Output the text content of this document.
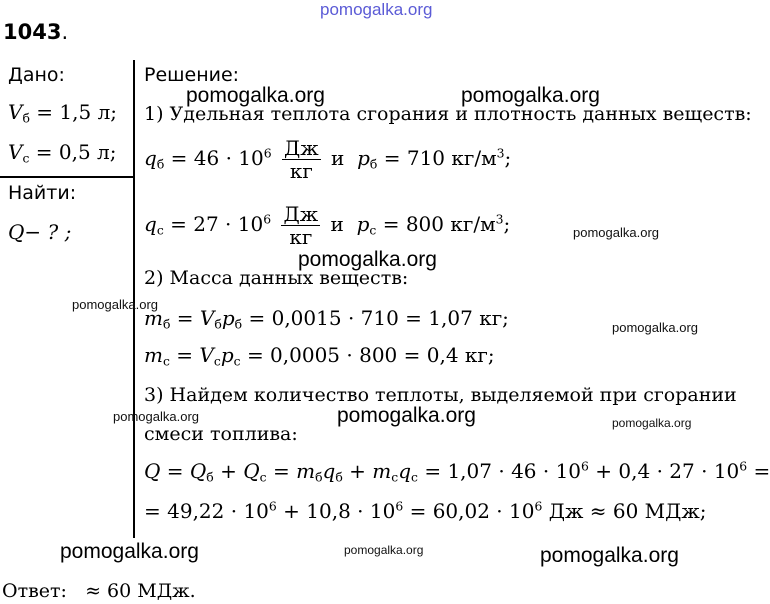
pomogalka.org
1043.
Дано:
$V_б = 1,5$ л;
$V_с = 0,5$ л;
Найти:
Q− ? ;
Решение:
1) Удельная теплота сгорания и плотность данных веществ:
$q_б = 46 \cdot 10^6 \frac{Дж}{кг}$ и $p_б = 710$ $кг/м^3$;
$q_с = 27 \cdot 10^6 \frac{Дж}{кг}$ и $p_с = 800$ $кг/м^3$;
2) Масса данных веществ:
$m_б = V_бp_б = 0,0015 \cdot 710 = 1,07$ кг;
$m_с = V_сp_с = 0,0005 \cdot 800 = 0,4$ кг;
3) Найдем количество теплоты, выделяемой при сгорании
смеси топлива:
$Q = Q_б + Q_с = m_бq_б + m_сq_с = 1,07 \cdot 46 \cdot 10^6 + 0,4 \cdot 27 \cdot 10^6$ =
= $49,22 \cdot 10^6 + 10,8 \cdot 10^6 = 60,02 \cdot 10^6$ Дж ≈ 60 МДж;
Ответ: ≈ 60 МДж.
pomogalka.org	pomogalka.org
pomogalka.org
pomogalka.org
pomogalka.org
pomogalka.org
pomogalka.org
pomogalka.org	pomogalka.org
pomogalka.org	pomogalka.org	pomogalka.org
